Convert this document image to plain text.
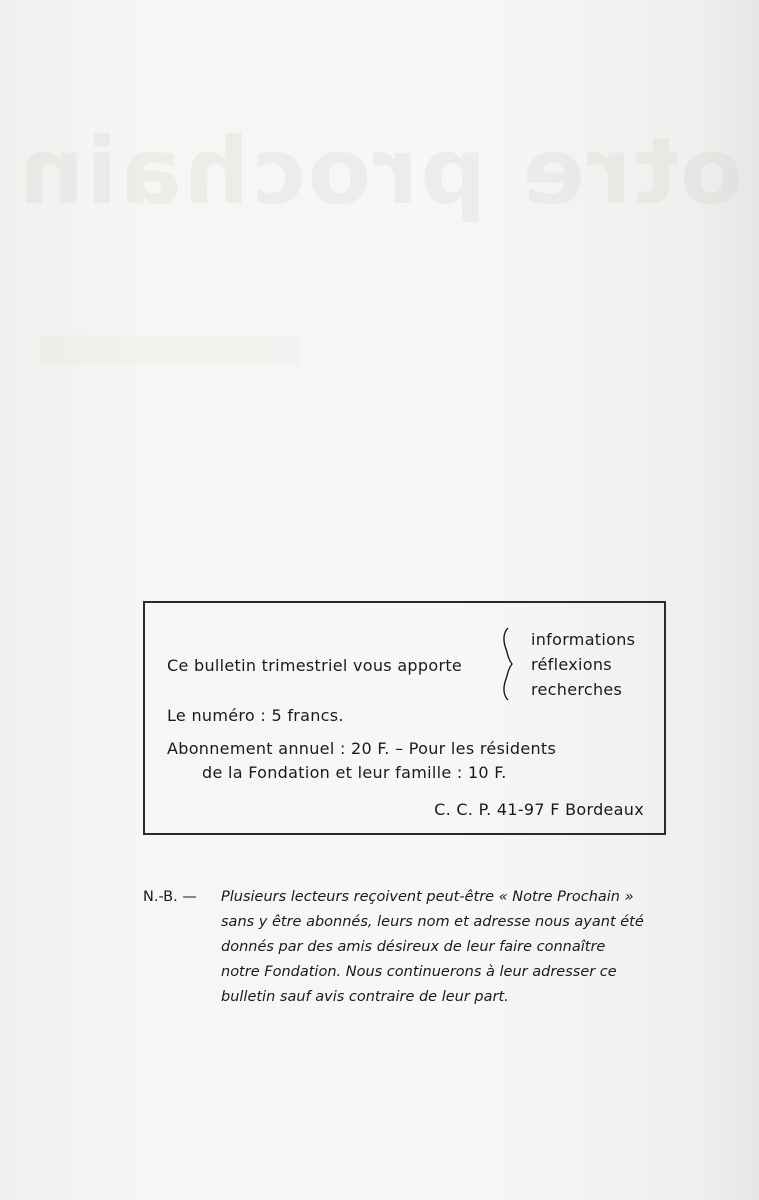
otre prochain
Ce bulletin trimestriel vous apporte
informations
réflexions
recherches
Le numéro : 5 francs.
Abonnement annuel : 20 F. – Pour les résidents
de la Fondation et leur famille : 10 F.
C. C. P. 41-97 F Bordeaux
N.-B. — Plusieurs lecteurs reçoivent peut-être « Notre Prochain »
sans y être abonnés, leurs nom et adresse nous ayant été
donnés par des amis désireux de leur faire connaître
notre Fondation. Nous continuerons à leur adresser ce
bulletin sauf avis contraire de leur part.
